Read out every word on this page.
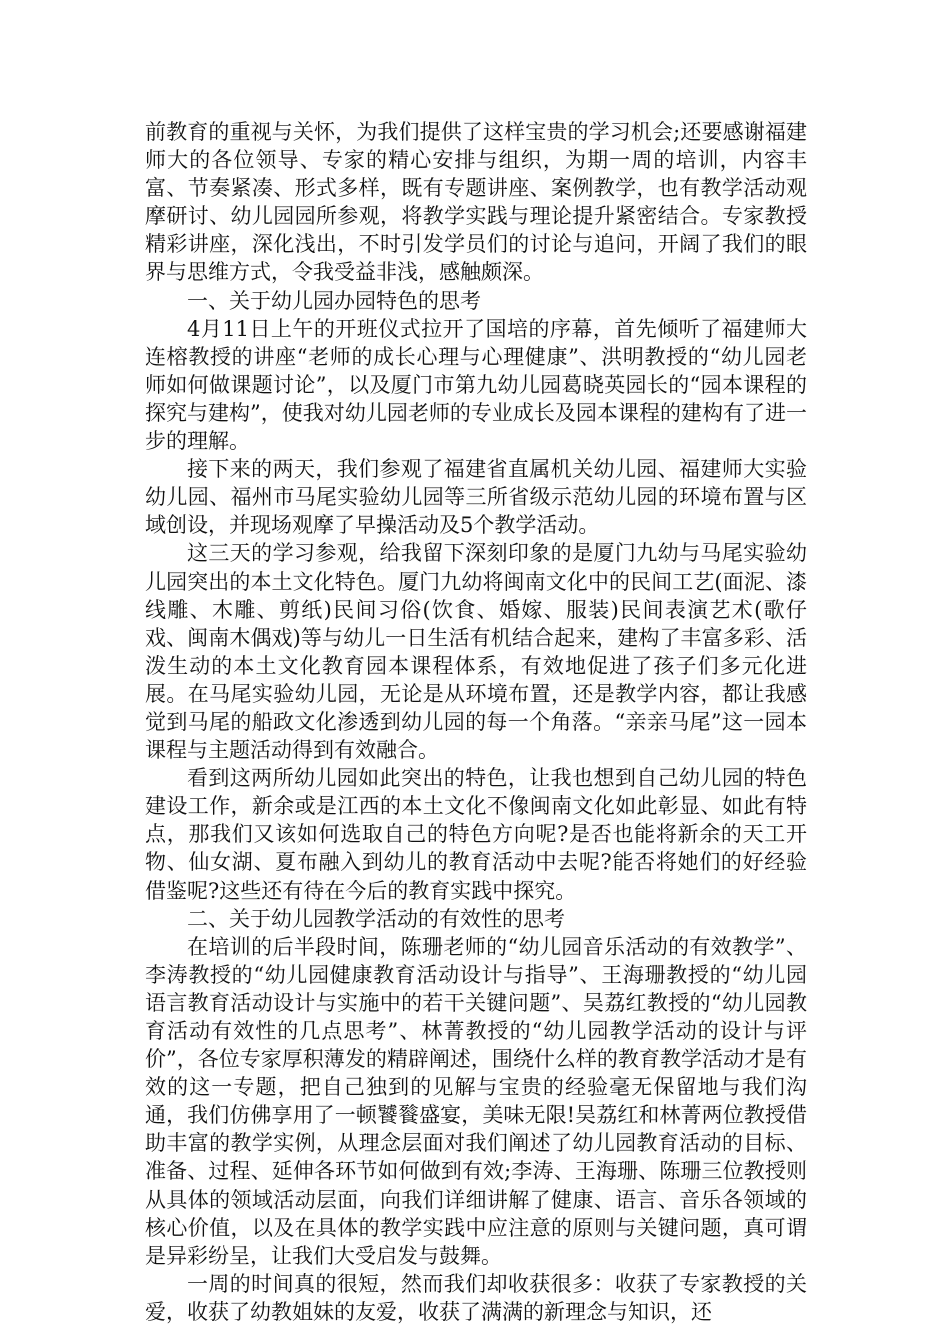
前教育的重视与关怀，为我们提供了这样宝贵的学习机会;还要感谢福建师大的各位领导、专家的精心安排与组织，为期一周的培训，内容丰富、节奏紧凑、形式多样，既有专题讲座、案例教学，也有教学活动观摩研讨、幼儿园园所参观，将教学实践与理论提升紧密结合。专家教授精彩讲座，深化浅出，不时引发学员们的讨论与追问，开阔了我们的眼界与思维方式，令我受益非浅，感触颇深。

一、关于幼儿园办园特色的思考

4月11日上午的开班仪式拉开了国培的序幕，首先倾听了福建师大连榕教授的讲座“老师的成长心理与心理健康”、洪明教授的“幼儿园老师如何做课题讨论”，以及厦门市第九幼儿园葛晓英园长的“园本课程的探究与建构”，使我对幼儿园老师的专业成长及园本课程的建构有了进一步的理解。

接下来的两天，我们参观了福建省直属机关幼儿园、福建师大实验幼儿园、福州市马尾实验幼儿园等三所省级示范幼儿园的环境布置与区域创设，并现场观摩了早操活动及5个教学活动。

这三天的学习参观，给我留下深刻印象的是厦门九幼与马尾实验幼儿园突出的本土文化特色。厦门九幼将闽南文化中的民间工艺(面泥、漆线雕、木雕、剪纸)民间习俗(饮食、婚嫁、服装)民间表演艺术(歌仔戏、闽南木偶戏)等与幼儿一日生活有机结合起来，建构了丰富多彩、活泼生动的本土文化教育园本课程体系，有效地促进了孩子们多元化进展。在马尾实验幼儿园，无论是从环境布置，还是教学内容，都让我感觉到马尾的船政文化渗透到幼儿园的每一个角落。“亲亲马尾”这一园本课程与主题活动得到有效融合。

看到这两所幼儿园如此突出的特色，让我也想到自己幼儿园的特色建设工作，新余或是江西的本土文化不像闽南文化如此彰显、如此有特点，那我们又该如何选取自己的特色方向呢?是否也能将新余的天工开物、仙女湖、夏布融入到幼儿的教育活动中去呢?能否将她们的好经验借鉴呢?这些还有待在今后的教育实践中探究。

二、关于幼儿园教学活动的有效性的思考

在培训的后半段时间，陈珊老师的“幼儿园音乐活动的有效教学”、李涛教授的“幼儿园健康教育活动设计与指导”、王海珊教授的“幼儿园语言教育活动设计与实施中的若干关键问题”、吴荔红教授的“幼儿园教育活动有效性的几点思考”、林菁教授的“幼儿园教学活动的设计与评价”，各位专家厚积薄发的精辟阐述，围绕什么样的教育教学活动才是有效的这一专题，把自己独到的见解与宝贵的经验毫无保留地与我们沟通，我们仿佛享用了一顿饕餮盛宴，美味无限!吴荔红和林菁两位教授借助丰富的教学实例，从理念层面对我们阐述了幼儿园教育活动的目标、准备、过程、延伸各环节如何做到有效;李涛、王海珊、陈珊三位教授则从具体的领域活动层面，向我们详细讲解了健康、语言、音乐各领域的核心价值，以及在具体的教学实践中应注意的原则与关键问题，真可谓是异彩纷呈，让我们大受启发与鼓舞。

一周的时间真的很短，然而我们却收获很多：收获了专家教授的关爱，收获了幼教姐妹的友爱，收获了满满的新理念与知识，还
